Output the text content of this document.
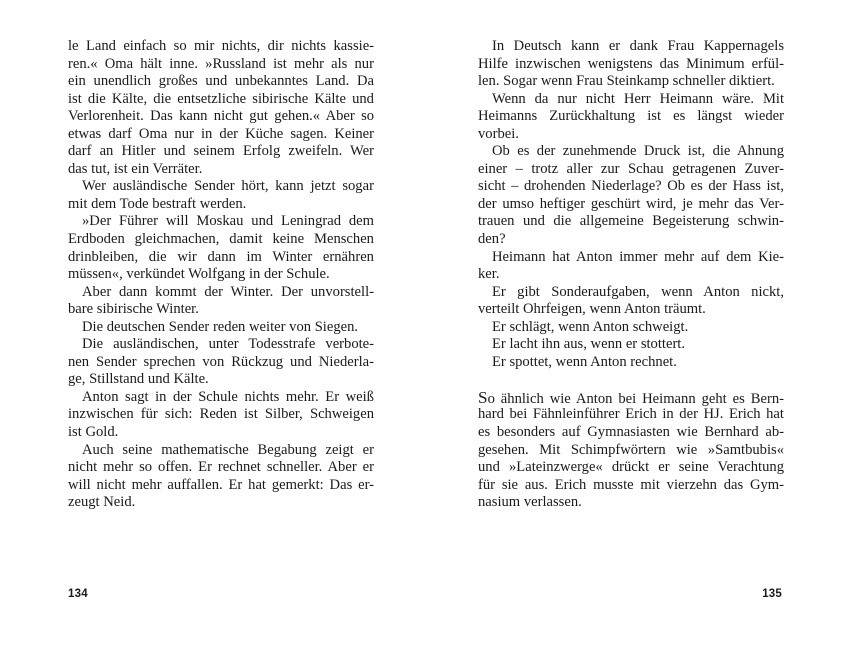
le Land einfach so mir nichts, dir nichts kassie-
ren.« Oma hält inne. »Russland ist mehr als nur
ein unendlich großes und unbekanntes Land. Da
ist die Kälte, die entsetzliche sibirische Kälte und
Verlorenheit. Das kann nicht gut gehen.« Aber so
etwas darf Oma nur in der Küche sagen. Keiner
darf an Hitler und seinem Erfolg zweifeln. Wer
das tut, ist ein Verräter.
Wer ausländische Sender hört, kann jetzt sogar
mit dem Tode bestraft werden.
»Der Führer will Moskau und Leningrad dem
Erdboden gleichmachen, damit keine Menschen
drinbleiben, die wir dann im Winter ernähren
müssen«, verkündet Wolfgang in der Schule.
Aber dann kommt der Winter. Der unvorstell-
bare sibirische Winter.
Die deutschen Sender reden weiter von Siegen.
Die ausländischen, unter Todesstrafe verbote-
nen Sender sprechen von Rückzug und Niederla-
ge, Stillstand und Kälte.
Anton sagt in der Schule nichts mehr. Er weiß
inzwischen für sich: Reden ist Silber, Schweigen
ist Gold.
Auch seine mathematische Begabung zeigt er
nicht mehr so offen. Er rechnet schneller. Aber er
will nicht mehr auffallen. Er hat gemerkt: Das er-
zeugt Neid.
134
In Deutsch kann er dank Frau Kappernagels
Hilfe inzwischen wenigstens das Minimum erfül-
len. Sogar wenn Frau Steinkamp schneller diktiert.
Wenn da nur nicht Herr Heimann wäre. Mit
Heimanns Zurückhaltung ist es längst wieder
vorbei.
Ob es der zunehmende Druck ist, die Ahnung
einer – trotz aller zur Schau getragenen Zuver-
sicht – drohenden Niederlage? Ob es der Hass ist,
der umso heftiger geschürt wird, je mehr das Ver-
trauen und die allgemeine Begeisterung schwin-
den?
Heimann hat Anton immer mehr auf dem Kie-
ker.
Er gibt Sonderaufgaben, wenn Anton nickt,
verteilt Ohrfeigen, wenn Anton träumt.
Er schlägt, wenn Anton schweigt.
Er lacht ihn aus, wenn er stottert.
Er spottet, wenn Anton rechnet.
So ähnlich wie Anton bei Heimann geht es Bern-
hard bei Fähnleinführer Erich in der HJ. Erich hat
es besonders auf Gymnasiasten wie Bernhard ab-
gesehen. Mit Schimpfwörtern wie »Samtbubis«
und »Lateinzwerge« drückt er seine Verachtung
für sie aus. Erich musste mit vierzehn das Gym-
nasium verlassen.
135
